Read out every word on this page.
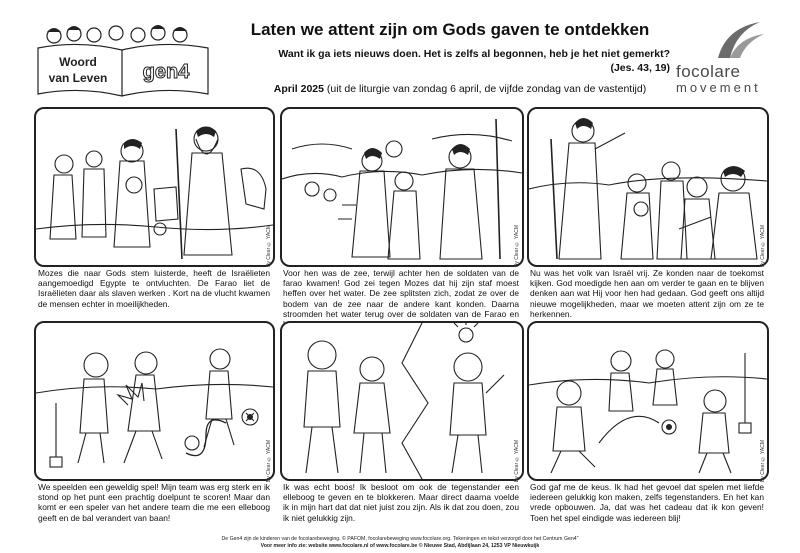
Woord
van Leven gen4
Laten we attent zijn om Gods gaven te ontdekken
Want ik ga iets nieuws doen. Het is zelfs al begonnen, heb je het niet gemerkt?
(Jes. 43, 19)
April 2025 (uit de liturgie van zondag 6 april, de vijfde zondag van de vastentijd)
focolare
movement
By Clear © YACM	By Clear © YACM	By Clear © YACM
Mozes die naar Gods stem luisterde, heeft de Israëlieten aangemoedigd Egypte te ontvluchten. De Farao liet de Israëlieten daar als slaven werken . Kort na de vlucht kwamen de mensen echter in moeilijkheden.
Voor hen was de zee, terwijl achter hen de soldaten van de farao kwamen! God zei tegen Mozes dat hij zijn staf moest heffen over het water. De zee splitsten zich, zodat ze over de bodem van de zee naar de andere kant konden. Daarna stroomden het water terug over de soldaten van de Farao en
Nu was het volk van Israël vrij. Ze konden naar de toekomst kijken. God moedigde hen aan om verder te gaan en te blijven denken aan wat Hij voor hen had gedaan. God geeft ons altijd nieuwe mogelijkheden, maar we moeten attent zijn om ze te herkennen.
By Clear © YACM	By Clear © YACM	By Clear © YACM
We speelden een geweldig spel! Mijn team was erg sterk en ik stond op het punt een prachtig doelpunt te scoren! Maar dan komt er een speler van het andere team die me een elleboog geeft en de bal verandert van baan!
Ik was echt boos! Ik besloot om ook de tegenstander een elleboog te geven en te blokkeren. Maar direct daarna voelde ik in mijn hart dat dat niet juist zou zijn. Als ik dat zou doen, zou ik niet gelukkig zijn.
God gaf me de keus. Ik had het gevoel dat spelen met liefde iedereen gelukkig kon maken, zelfs tegenstanders. En het kan vrede opbouwen. Ja, dat was het cadeau dat ik kon geven! Toen het spel eindigde was iedereen blij!
De Gen4 zijn de kinderen van de focolarebeweging. © PAFOM, focolarebeweging www.focolare.org. Tekeningen en tekst verzorgd door het Centrum Gen4"
Voor meer info zie: website www.focolare.nl of www.focolare.be © Nieuwe Stad, Abdijlaan 24, 1253 VP Nieuwkuijk
